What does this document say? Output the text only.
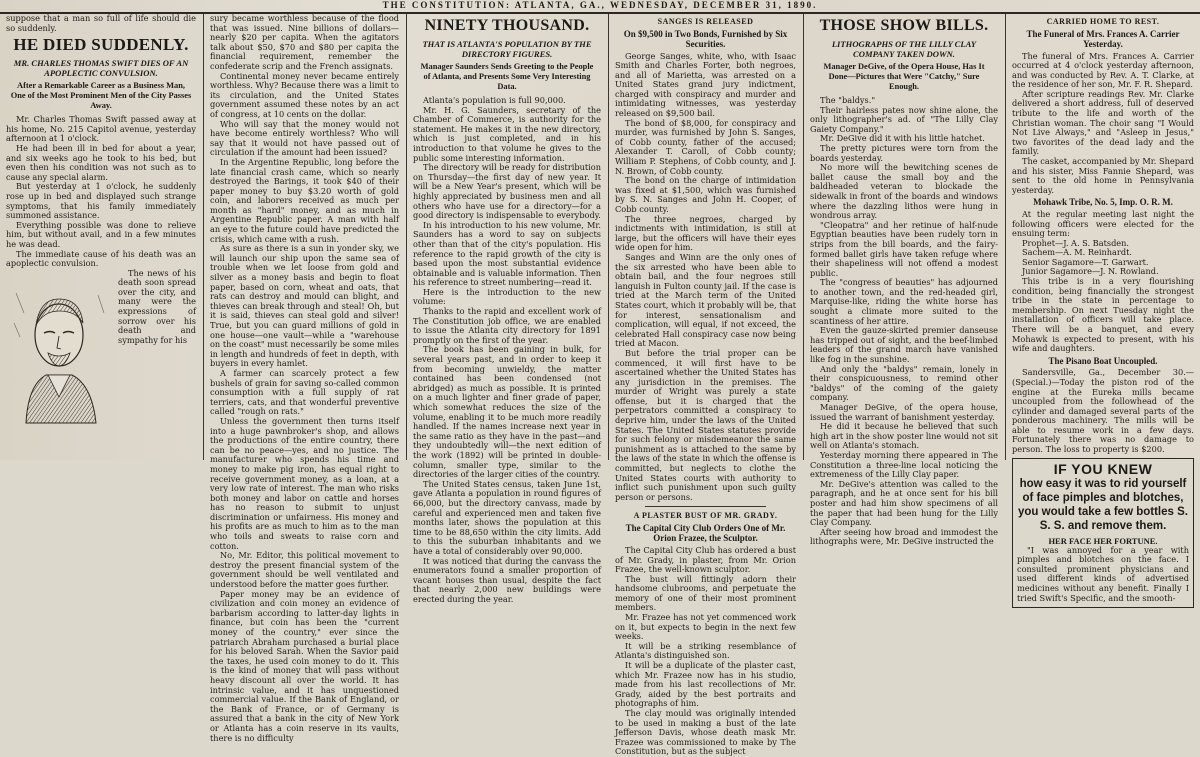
THE CONSTITUTION: ATLANTA, GA., WEDNESDAY, DECEMBER 31, 1890.

suppose that a man so full of life should die so suddenly.

HE DIED SUDDENLY.
MR. CHARLES THOMAS SWIFT DIES OF AN APOPLECTIC CONVULSION.
After a Remarkable Career as a Business Man, One of the Most Prominent Men of the City Passes Away.

Mr. Charles Thomas Swift passed away at his home, No. 215 Capitol avenue, yesterday afternoon at 1 o'clock.

He had been ill in bed for about a year, and six weeks ago he took to his bed, but even then his condition was not such as to cause any special alarm.

But yesterday at 1 o'clock, he suddenly rose up in bed and displayed such strange symptoms, that his family immediately summoned assistance.

Everything possible was done to relieve him, but without avail, and in a few minutes he was dead.

The immediate cause of his death was an apoplectic convulsion.

The news of his death soon spread over the city, and many were the expressions of sorrow over his death and sympathy for his

sury became worthless because of the flood that was issued. Nine billions of dollars—nearly $20 per capita. When the agitators talk about $50, $70 and $80 per capita the financial requirement, remember the confederate scrip and the French assignats.

Continental money never became entirely worthless. Why? Because there was a limit to its circulation, and the United States government assumed these notes by an act of congress, at 10 cents on the dollar.

Who will say that the money would not have become entirely worthless? Who will say that it would not have passed out of circulation if the amount had been issued?

In the Argentine Republic, long before the late financial crash came, which so nearly destroyed the Barings, it took $40 of their paper money to buy $3.20 worth of gold coin, and laborers received as much per month as "hard" money, and as much in Argentine Republic paper. A man with half an eye to the future could have predicted the crisis, which came with a rush.

As sure as there is a sun in yonder sky, we will launch our ship upon the same sea of trouble when we let loose from gold and silver as a money basis and begin to float paper, based on corn, wheat and oats, that rats can destroy and mould can blight, and thieves can break through and steal! Oh, but it is said, thieves can steal gold and silver! True, but you can guard millions of gold in one house—one vault—while a "warehouse on the coast" must necessarily be some miles in length and hundreds of feet in depth, with buyers in every hamlet.

A farmer can scarcely protect a few bushels of grain for saving so-called common consumption with a full supply of rat terriers, cats, and that wonderful preventive called "rough on rats."

Unless the government then turns itself into a huge pawnbroker's shop, and allows the productions of the entire country, there can be no peace—yes, and no justice. The manufacturer who spends his time and money to make pig iron, has equal right to receive government money, as a loan, at a very low rate of interest. The man who risks both money and labor on cattle and horses has no reason to submit to unjust discrimination or unfairness. His money and his profits are as much to him as to the man who toils and sweats to raise corn and cotton.

No, Mr. Editor, this political movement to destroy the present financial system of the government should be well ventilated and understood before the matter goes further.

Paper money may be an evidence of civilization and coin money an evidence of barbarism according to latter-day lights in finance, but coin has been the "current money of the country," ever since the patriarch Abraham purchased a burial place for his beloved Sarah. When the Savior paid the taxes, he used coin money to do it. This is the kind of money that will pass without heavy discount all over the world. It has intrinsic value, and it has unquestioned commercial value. If the Bank of England, or the Bank of France, or of Germany is assured that a bank in the city of New York or Atlanta has a coin reserve in its vaults, there is no difficulty

NINETY THOUSAND.
THAT IS ATLANTA'S POPULATION BY THE DIRECTORY FIGURES.
Manager Saunders Sends Greeting to the People of Atlanta, and Presents Some Very Interesting Data.

Atlanta's population is full 90,000.

Mr. H. G. Saunders, secretary of the Chamber of Commerce, is authority for the statement. He makes it in the new directory, which is just completed, and in his introduction to that volume he gives to the public some interesting information.

The directory will be ready for distribution on Thursday—the first day of new year. It will be a New Year's present, which will be highly appreciated by business men and all others who have use for a directory—for a good directory is indispensable to everybody.

In his introduction to his new volume, Mr. Saunders has a word to say on subjects other than that of the city's population. His reference to the rapid growth of the city is based upon the most substantial evidence obtainable and is valuable information. Then his reference to street numbering—read it.

Here is the introduction to the new volume:

Thanks to the rapid and excellent work of The Constitution job office, we are enabled to issue the Atlanta city directory for 1891 promptly on the first of the year.

The book has been gaining in bulk, for several years past, and in order to keep it from becoming unwieldy, the matter contained has been condensed (not abridged) as much as possible. It is printed on a much lighter and finer grade of paper, which somewhat reduces the size of the volume, enabling it to be much more readily handled. If the names increase next year in the same ratio as they have in the past—and they undoubtedly will—the next edition of the work (1892) will be printed in double-column, smaller type, similar to the directories of the larger cities of the country.

The United States census, taken June 1st, gave Atlanta a population in round figures of 66,000, but the directory canvass, made by careful and experienced men and taken five months later, shows the population at this time to be 88,650 within the city limits. Add to this the suburban inhabitants and we have a total of considerably over 90,000.

It was noticed that during the canvass the enumerators found a smaller proportion of vacant houses than usual, despite the fact that nearly 2,000 new buildings were erected during the year.

SANGES IS RELEASED
On $9,500 in Two Bonds, Furnished by Six Securities.

George Sanges, white, who, with Isaac Smith and Charles Forter, both negroes, and all of Marietta, was arrested on a United States grand jury indictment, charged with conspiracy and murder and intimidating witnesses, was yesterday released on $9,500 bail.

The bond of $8,000, for conspiracy and murder, was furnished by John S. Sanges, of Cobb county, father of the accused; Alexander T. Caroll, of Cobb county; William P. Stephens, of Cobb county, and J. N. Brown, of Cobb county.

The bond on the charge of intimidation was fixed at $1,500, which was furnished by S. N. Sanges and John H. Cooper, of Cobb county.

The three negroes, charged by indictments with intimidation, is still at large, but the officers will have their eyes wide open for him.

Sanges and Winn are the only ones of the six arrested who have been able to obtain bail, and the four negroes still languish in Fulton county jail. If the case is tried at the March term of the United States court, which it probably will be, that for interest, sensationalism and complication, will equal, if not exceed, the celebrated Hall conspiracy case now being tried at Macon.

But before the trial proper can be commenced, it will first have to be ascertained whether the United States has any jurisdiction in the premises. The murder of Wright was purely a state offense, but it is charged that the perpetrators committed a conspiracy to deprive him, under the laws of the United States. The United States statutes provide for such felony or misdemeanor the same punishment as is attached to the same by the laws of the state in which the offense is committed, but neglects to clothe the United States courts with authority to inflict such punishment upon such guilty person or persons.

A PLASTER BUST OF MR. GRADY.
The Capital City Club Orders One of Mr. Orion Frazee, the Sculptor.

The Capital City Club has ordered a bust of Mr. Grady, in plaster, from Mr. Orion Frazee, the well-known sculptor.

The bust will fittingly adorn their handsome clubrooms, and perpetuate the memory of one of their most prominent members.

Mr. Frazee has not yet commenced work on it, but expects to begin in the next few weeks.

It will be a striking resemblance of Atlanta's distinguished son.

It will be a duplicate of the plaster cast, which Mr. Frazee now has in his studio, made from his last recollections of Mr. Grady, aided by the best portraits and photographs of him.

The clay mould was originally intended to be used in making a bust of the late Jefferson Davis, whose death mask Mr. Frazee was commissioned to make by The Constitution, but as the subject

THOSE SHOW BILLS.
LITHOGRAPHS OF THE LILLY CLAY COMPANY TAKEN DOWN.
Manager DeGive, of the Opera House, Has It Done—Pictures that Were "Catchy," Sure Enough.

The "baldys."

Their hairless pates now shine alone, the only lithographer's ad. of "The Lilly Clay Gaiety Company."

Mr. DeGive did it with his little hatchet.

The pretty pictures were torn from the boards yesterday.

No more will the bewitching scenes de ballet cause the small boy and the baldheaded veteran to blockade the sidewalk in front of the boards and windows where the dazzling lithos were hung in wondrous array.

"Cleopatra" and her retinue of half-nude Egyptian beauties have been rudely torn in strips from the bill boards, and the fairy-formed ballet girls have taken refuge where their shapeliness will not offend a modest public.

The "congress of beauties" has adjourned to another town, and the red-headed girl, Marquise-like, riding the white horse has sought a climate more suited to the scantiness of her attire.

Even the gauze-skirted premier danseuse has tripped out of sight, and the beef-limbed leaders of the grand march have vanished like fog in the sunshine.

And only the "baldys" remain, lonely in their conspicuousness, to remind other "baldys" of the coming of the gaiety company.

Manager DeGive, of the opera house, issued the warrant of banishment yesterday.

He did it because he believed that such high art in the show poster line would not sit well on Atlanta's stomach.

Yesterday morning there appeared in The Constitution a three-line local noticing the extremeness of the Lilly Clay paper.

Mr. DeGive's attention was called to the paragraph, and he at once sent for his bill poster and had him show specimens of all the paper that had been hung for the Lilly Clay Company.

After seeing how broad and immodest the lithographs were, Mr. DeGive instructed the

CARRIED HOME TO REST.
The Funeral of Mrs. Frances A. Carrier Yesterday.

The funeral of Mrs. Frances A. Carrier occurred at 4 o'clock yesterday afternoon, and was conducted by Rev. A. T. Clarke, at the residence of her son, Mr. F. R. Shepard.

After scripture readings Rev. Mr. Clarke delivered a short address, full of deserved tribute to the life and worth of the Christian woman. The choir sang "I Would Not Live Always," and "Asleep in Jesus," two favorites of the dead lady and the family.

The casket, accompanied by Mr. Shepard and his sister, Miss Fannie Shepard, was sent to the old home in Pennsylvania yesterday.

Mohawk Tribe, No. 5, Imp. O. R. M.

At the regular meeting last night the following officers were elected for the ensuing term:

Prophet—J. A. S. Batsden.

Sachem—A. M. Reinhardt.

Senior Sagamore—T. Garwart.

Junior Sagamore—J. N. Rowland.

This tribe is in a very flourishing condition, being financially the strongest tribe in the state in percentage to membership. On next Tuesday night the installation of officers will take place. There will be a banquet, and every Mohawk is expected to present, with his wife and daughters.

The Pisano Boat Uncoupled.

Sandersville, Ga., December 30.—(Special.)—Today the piston rod of the engine at the Eureka mills became uncoupled from the followhead of the cylinder and damaged several parts of the ponderous machinery. The mills will be able to resume work in a few days. Fortunately there was no damage to person. The loss to property is $200.

IF YOU KNEW
how easy it was to rid yourself of face pimples and blotches, you would take a few bottles S. S. S. and remove them.
HER FACE HER FORTUNE.

"I was annoyed for a year with pimples and blotches on the face. I consulted prominent physicians and used different kinds of advertised medicines without any benefit. Finally I tried Swift's Specific, and the smooth-
